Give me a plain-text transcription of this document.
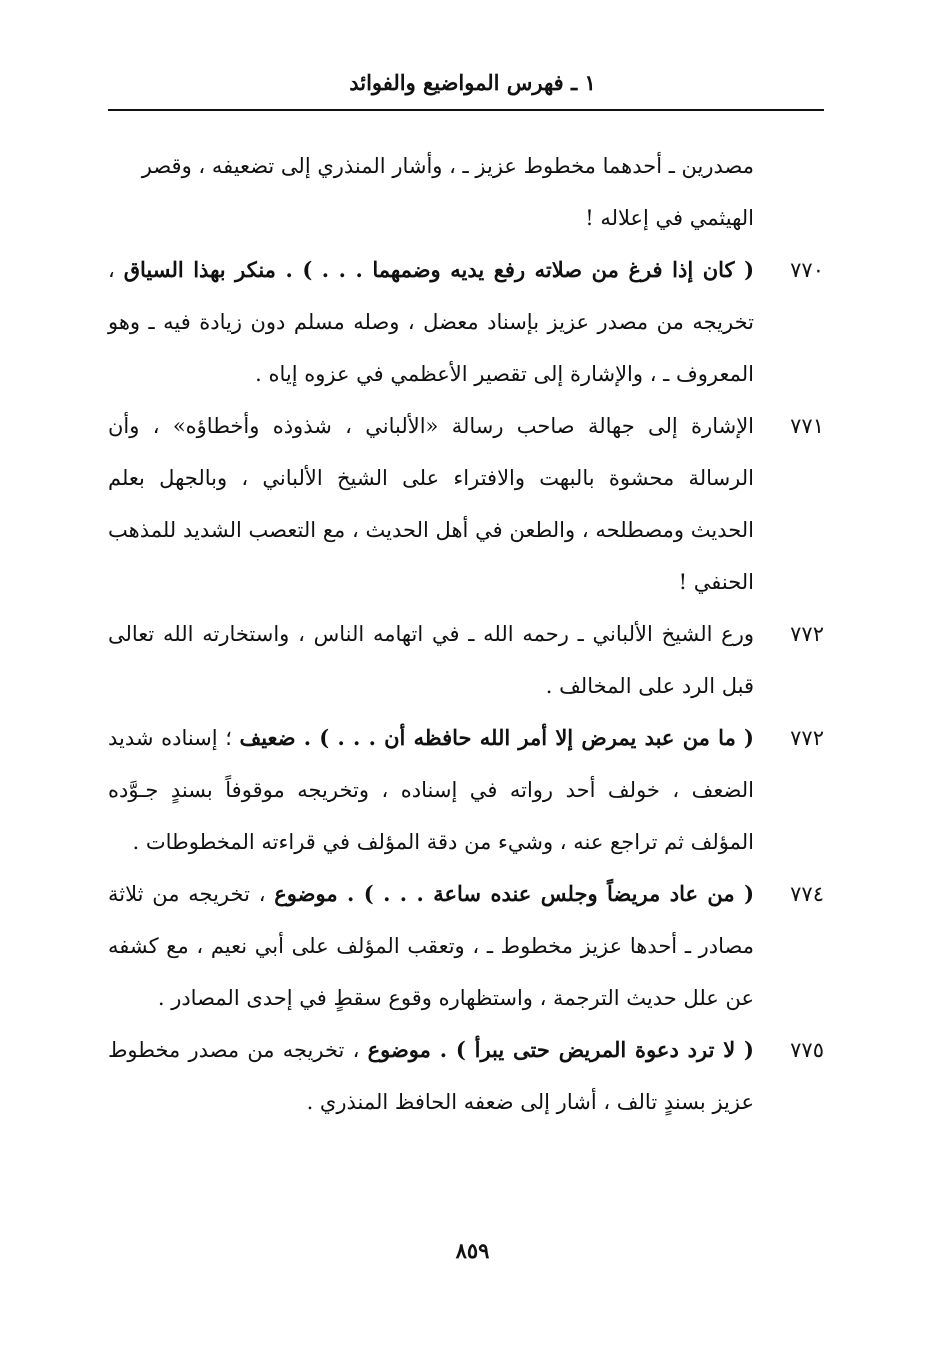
١ ـ فهرس المواضيع والفوائد
مصدرين ـ أحدهما مخطوط عزيز ـ ، وأشار المنذري إلى تضعيفه ، وقصر الهيثمي في إعلاله !
٧٧٠
( كان إذا فرغ من صلاته رفع يديه وضمهما . . . ) . منكر بهذا السياق ، تخريجه من مصدر عزيز بإسناد معضل ، وصله مسلم دون زيادة فيه ـ وهو المعروف ـ ، والإشارة إلى تقصير الأعظمي في عزوه إياه .
٧٧١
الإشارة إلى جهالة صاحب رسالة «الألباني ، شذوذه وأخطاؤه» ، وأن الرسالة محشوة بالبهت والافتراء على الشيخ الألباني ، وبالجهل بعلم الحديث ومصطلحه ، والطعن في أهل الحديث ، مع التعصب الشديد للمذهب الحنفي !
٧٧٢
ورع الشيخ الألباني ـ رحمه الله ـ في اتهامه الناس ، واستخارته الله تعالى قبل الرد على المخالف .
٧٧٢
( ما من عبد يمرض إلا أمر الله حافظه أن . . . ) . ضعيف ؛ إسناده شديد الضعف ، خولف أحد رواته في إسناده ، وتخريجه موقوفاً بسندٍ جـوَّده المؤلف ثم تراجع عنه ، وشيء من دقة المؤلف في قراءته المخطوطات .
٧٧٤
( من عاد مريضاً وجلس عنده ساعة . . . ) . موضوع ، تخريجه من ثلاثة مصادر ـ أحدها عزيز مخطوط ـ ، وتعقب المؤلف على أبي نعيم ، مع كشفه عن علل حديث الترجمة ، واستظهاره وقوع سقطٍ في إحدى المصادر .
٧٧٥
( لا ترد دعوة المريض حتى يبرأ ) . موضوع ، تخريجه من مصدر مخطوط عزيز بسندٍ تالف ، أشار إلى ضعفه الحافظ المنذري .
٨٥٩
